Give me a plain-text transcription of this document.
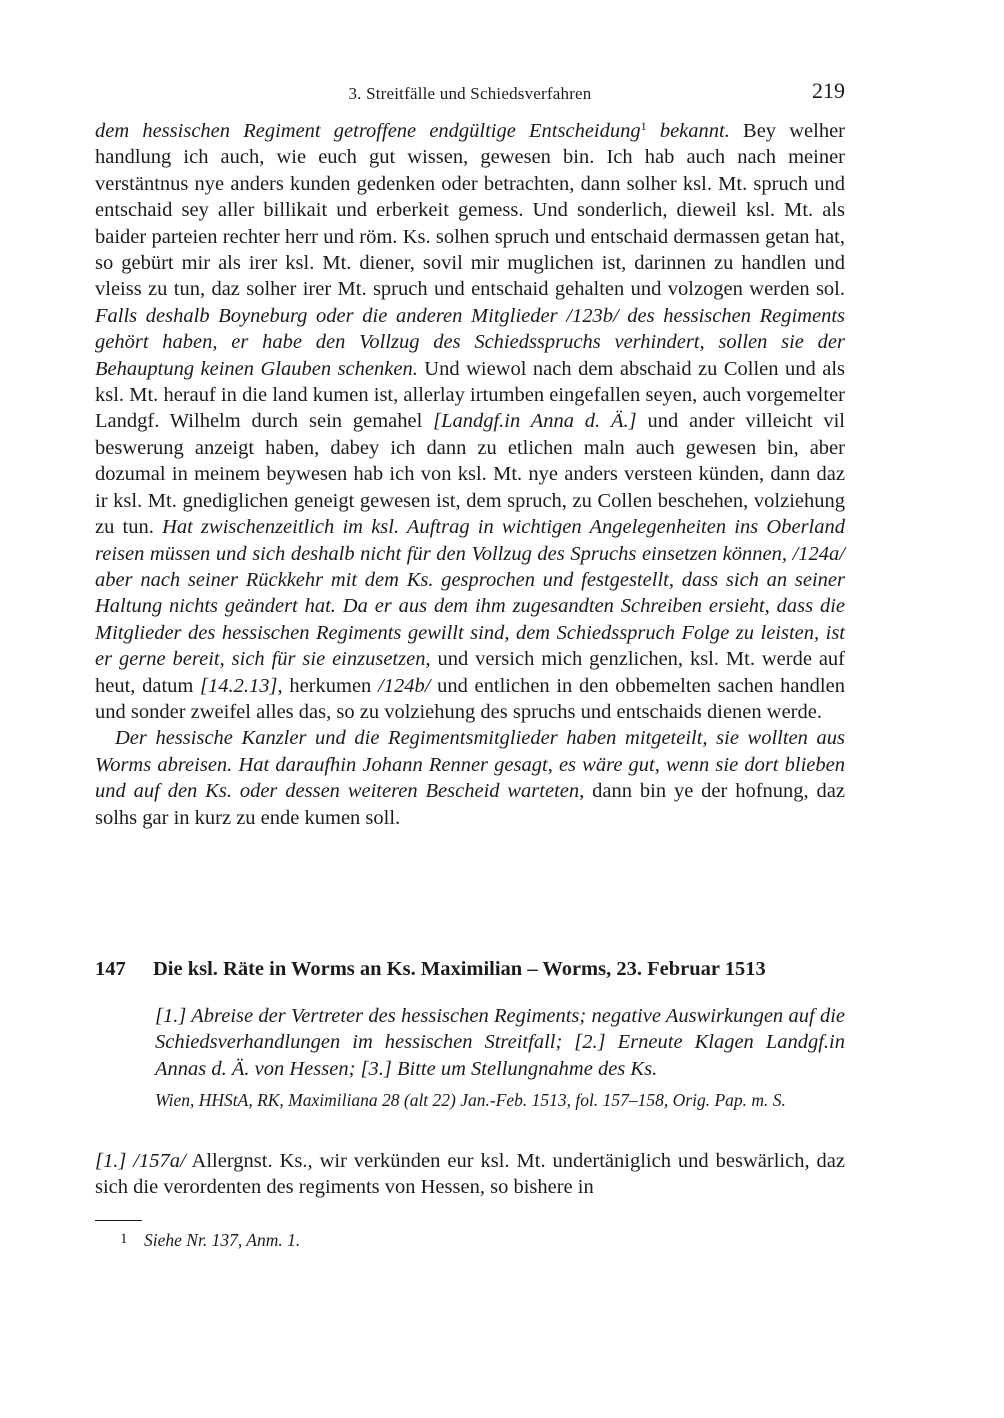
3. Streitfälle und Schiedsverfahren	219

dem hessischen Regiment getroffene endgültige Entscheidung$^1$ bekannt. Bey welher handlung ich auch, wie euch gut wissen, gewesen bin. Ich hab auch nach meiner verstäntnus nye anders kunden gedenken oder betrachten, dann solher ksl. Mt. spruch und entschaid sey aller billikait und erberkeit gemess. Und sonderlich, dieweil ksl. Mt. als baider parteien rechter herr und röm. Ks. solhen spruch und entschaid dermassen getan hat, so gebürt mir als irer ksl. Mt. diener, sovil mir muglichen ist, darinnen zu handlen und vleiss zu tun, daz solher irer Mt. spruch und entschaid gehalten und volzogen werden sol. Falls deshalb Boyneburg oder die anderen Mitglieder /123b/ des hessischen Regiments gehört haben, er habe den Vollzug des Schiedsspruchs verhindert, sollen sie der Behauptung keinen Glauben schenken. Und wiewol nach dem abschaid zu Collen und als ksl. Mt. herauf in die land kumen ist, allerlay irtumben eingefallen seyen, auch vorgemelter Landgf. Wilhelm durch sein gemahel [Landgf.in Anna d. Ä.] und ander villeicht vil beswerung anzeigt haben, dabey ich dann zu etlichen maln auch gewesen bin, aber dozumal in meinem beywesen hab ich von ksl. Mt. nye anders versteen künden, dann daz ir ksl. Mt. gnediglichen geneigt gewesen ist, dem spruch, zu Collen beschehen, volziehung zu tun. Hat zwischenzeitlich im ksl. Auftrag in wichtigen Angelegenheiten ins Oberland reisen müssen und sich deshalb nicht für den Vollzug des Spruchs einsetzen können, /124a/ aber nach seiner Rückkehr mit dem Ks. gesprochen und festgestellt, dass sich an seiner Haltung nichts geändert hat. Da er aus dem ihm zugesandten Schreiben ersieht, dass die Mitglieder des hessischen Regiments gewillt sind, dem Schiedsspruch Folge zu leisten, ist er gerne bereit, sich für sie einzusetzen, und versich mich genzlichen, ksl. Mt. werde auf heut, datum [14.2.13], herkumen /124b/ und entlichen in den obbemelten sachen handlen und sonder zweifel alles das, so zu volziehung des spruchs und entschaids dienen werde.

Der hessische Kanzler und die Regimentsmitglieder haben mitgeteilt, sie wollten aus Worms abreisen. Hat daraufhin Johann Renner gesagt, es wäre gut, wenn sie dort blieben und auf den Ks. oder dessen weiteren Bescheid warteten, dann bin ye der hofnung, daz solhs gar in kurz zu ende kumen soll.

147 Die ksl. Räte in Worms an Ks. Maximilian – Worms, 23. Februar 1513
[1.] Abreise der Vertreter des hessischen Regiments; negative Auswirkungen auf die Schiedsverhandlungen im hessischen Streitfall; [2.] Erneute Klagen Landgf.in Annas d. Ä. von Hessen; [3.] Bitte um Stellungnahme des Ks.
Wien, HHStA, RK, Maximiliana 28 (alt 22) Jan.-Feb. 1513, fol. 157–158, Orig. Pap. m. S.

[1.] /157a/ Allergnst. Ks., wir verkünden eur ksl. Mt. undertäniglich und beswärlich, daz sich die verordenten des regiments von Hessen, so bishere in

1 Siehe Nr. 137, Anm. 1.
